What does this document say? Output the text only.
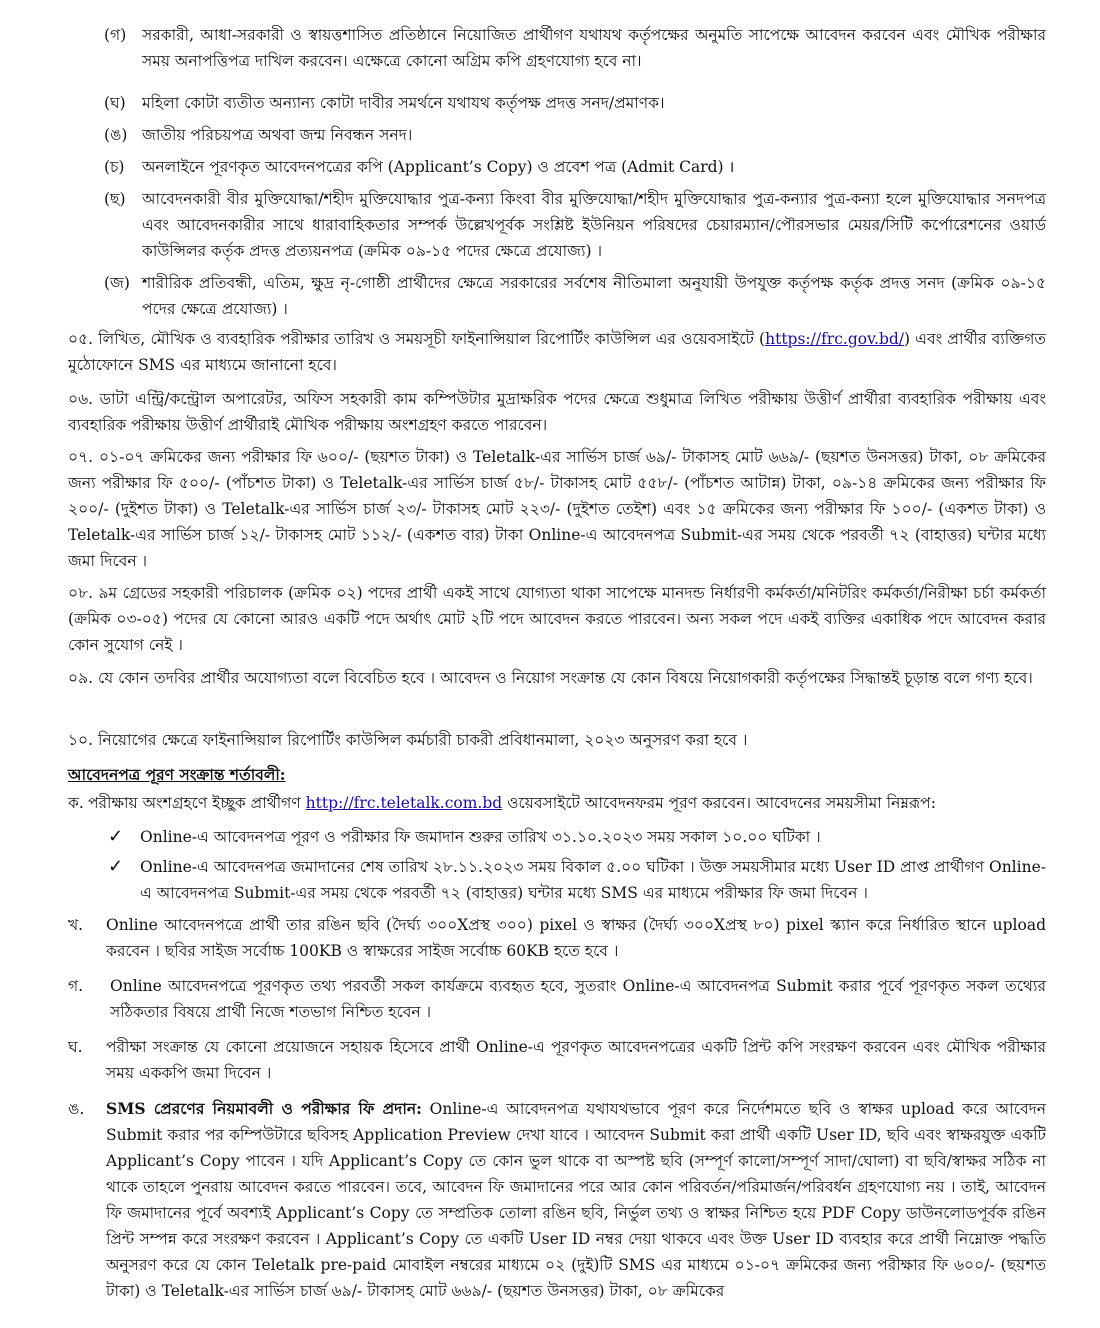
(গ) সরকারী, আধা-সরকারী ও স্বায়ত্তশাসিত প্রতিষ্ঠানে নিয়োজিত প্রার্থীগণ যথাযথ কর্তৃপক্ষের অনুমতি সাপেক্ষে আবেদন করবেন এবং মৌখিক পরীক্ষার সময় অনাপত্তিপত্র দাখিল করবেন। এক্ষেত্রে কোনো অগ্রিম কপি গ্রহণযোগ্য হবে না।
(ঘ) মহিলা কোটা ব্যতীত অন্যান্য কোটা দাবীর সমর্থনে যথাযথ কর্তৃপক্ষ প্রদত্ত সনদ/প্রমাণক।
(ঙ) জাতীয় পরিচয়পত্র অথবা জন্ম নিবন্ধন সনদ।
(চ) অনলাইনে পূরণকৃত আবেদনপত্রের কপি (Applicant’s Copy) ও প্রবেশ পত্র (Admit Card) ।
(ছ) আবেদনকারী বীর মুক্তিযোদ্ধা/শহীদ মুক্তিযোদ্ধার পুত্র-কন্যা কিংবা বীর মুক্তিযোদ্ধা/শহীদ মুক্তিযোদ্ধার পুত্র-কন্যার পুত্র-কন্যা হলে মুক্তিযোদ্ধার সনদপত্র এবং আবেদনকারীর সাথে ধারাবাহিকতার সম্পর্ক উল্লেখপূর্বক সংশ্লিষ্ট ইউনিয়ন পরিষদের চেয়ারম্যান/পৌরসভার মেয়র/সিটি কর্পোরেশনের ওয়ার্ড কাউন্সিলর কর্তৃক প্রদত্ত প্রত্যয়নপত্র (ক্রমিক ০৯-১৫ পদের ক্ষেত্রে প্রযোজ্য) ।
(জ) শারীরিক প্রতিবন্ধী, এতিম, ক্ষুদ্র নৃ-গোষ্ঠী প্রার্থীদের ক্ষেত্রে সরকারের সর্বশেষ নীতিমালা অনুযায়ী উপযুক্ত কর্তৃপক্ষ কর্তৃক প্রদত্ত সনদ (ক্রমিক ০৯-১৫ পদের ক্ষেত্রে প্রযোজ্য) ।
০৫. লিখিত, মৌখিক ও ব্যবহারিক পরীক্ষার তারিখ ও সময়সূচী ফাইনান্সিয়াল রিপোর্টিং কাউন্সিল এর ওয়েবসাইটে (https://frc.gov.bd/) এবং প্রার্থীর ব্যক্তিগত মুঠোফোনে SMS এর মাধ্যমে জানানো হবে।
০৬. ডাটা এন্ট্রি/কন্ট্রোল অপারেটর, অফিস সহকারী কাম কম্পিউটার মুদ্রাক্ষরিক পদের ক্ষেত্রে শুধুমাত্র লিখিত পরীক্ষায় উত্তীর্ণ প্রার্থীরা ব্যবহারিক পরীক্ষায় এবং ব্যবহারিক পরীক্ষায় উত্তীর্ণ প্রার্থীরাই মৌখিক পরীক্ষায় অংশগ্রহণ করতে পারবেন।
০৭. ০১-০৭ ক্রমিকের জন্য পরীক্ষার ফি ৬০০/- (ছয়শত টাকা) ও Teletalk-এর সার্ভিস চার্জ ৬৯/- টাকাসহ মোট ৬৬৯/- (ছয়শত উনসত্তর) টাকা, ০৮ ক্রমিকের জন্য পরীক্ষার ফি ৫০০/- (পাঁচশত টাকা) ও Teletalk-এর সার্ভিস চার্জ ৫৮/- টাকাসহ মোট ৫৫৮/- (পাঁচশত আটান্ন) টাকা, ০৯-১৪ ক্রমিকের জন্য পরীক্ষার ফি ২০০/- (দুইশত টাকা) ও Teletalk-এর সার্ভিস চার্জ ২৩/- টাকাসহ মোট ২২৩/- (দুইশত তেইশ) এবং ১৫ ক্রমিকের জন্য পরীক্ষার ফি ১০০/- (একশত টাকা) ও Teletalk-এর সার্ভিস চার্জ ১২/- টাকাসহ মোট ১১২/- (একশত বার) টাকা Online-এ আবেদনপত্র Submit-এর সময় থেকে পরবর্তী ৭২ (বাহাত্তর) ঘন্টার মধ্যে জমা দিবেন ।
০৮. ৯ম গ্রেডের সহকারী পরিচালক (ক্রমিক ০২) পদের প্রার্থী একই সাথে যোগ্যতা থাকা সাপেক্ষে মানদন্ড নির্ধারণী কর্মকর্তা/মনিটরিং কর্মকর্তা/নিরীক্ষা চর্চা কর্মকর্তা (ক্রমিক ০৩-০৫) পদের যে কোনো আরও একটি পদে অর্থাৎ মোট ২টি পদে আবেদন করতে পারবেন। অন্য সকল পদে একই ব্যক্তির একাধিক পদে আবেদন করার কোন সুযোগ নেই ।
০৯. যে কোন তদবির প্রার্থীর অযোগ্যতা বলে বিবেচিত হবে । আবেদন ও নিয়োগ সংক্রান্ত যে কোন বিষয়ে নিয়োগকারী কর্তৃপক্ষের সিদ্ধান্তই চূড়ান্ত বলে গণ্য হবে।
১০. নিয়োগের ক্ষেত্রে ফাইনান্সিয়াল রিপোর্টিং কাউন্সিল কর্মচারী চাকরী প্রবিধানমালা, ২০২৩ অনুসরণ করা হবে ।
আবেদনপত্র পূরণ সংক্রান্ত শর্তাবলী:
ক. পরীক্ষায় অংশগ্রহণে ইচ্ছুক প্রার্থীগণ http://frc.teletalk.com.bd ওয়েবসাইটে আবেদনফরম পূরণ করবেন। আবেদনের সময়সীমা নিম্নরূপ:
✓ Online-এ আবেদনপত্র পূরণ ও পরীক্ষার ফি জমাদান শুরুর তারিখ ৩১.১০.২০২৩ সময় সকাল ১০.০০ ঘটিকা ।
✓ Online-এ আবেদনপত্র জমাদানের শেষ তারিখ ২৮.১১.২০২৩ সময় বিকাল ৫.০০ ঘটিকা । উক্ত সময়সীমার মধ্যে User ID প্রাপ্ত প্রার্থীগণ Online-এ আবেদনপত্র Submit-এর সময় থেকে পরবর্তী ৭২ (বাহাত্তর) ঘন্টার মধ্যে SMS এর মাধ্যমে পরীক্ষার ফি জমা দিবেন ।
খ. Online আবেদনপত্রে প্রার্থী তার রঙিন ছবি (দৈর্ঘ্য ৩০০Xপ্রস্থ ৩০০) pixel ও স্বাক্ষর (দৈর্ঘ্য ৩০০Xপ্রস্থ ৮০) pixel স্ক্যান করে নির্ধারিত স্থানে upload করবেন । ছবির সাইজ সর্বোচ্চ 100KB ও স্বাক্ষরের সাইজ সর্বোচ্চ 60KB হতে হবে ।
গ. Online আবেদনপত্রে পূরণকৃত তথ্য পরবর্তী সকল কার্যক্রমে ব্যবহৃত হবে, সুতরাং Online-এ আবেদনপত্র Submit করার পূর্বে পূরণকৃত সকল তথ্যের সঠিকতার বিষয়ে প্রার্থী নিজে শতভাগ নিশ্চিত হবেন ।
ঘ. পরীক্ষা সংক্রান্ত যে কোনো প্রয়োজনে সহায়ক হিসেবে প্রার্থী Online-এ পূরণকৃত আবেদনপত্রের একটি প্রিন্ট কপি সংরক্ষণ করবেন এবং মৌখিক পরীক্ষার সময় এককপি জমা দিবেন ।
ঙ. SMS প্রেরণের নিয়মাবলী ও পরীক্ষার ফি প্রদান: Online-এ আবেদনপত্র যথাযথভাবে পূরণ করে নির্দেশমতে ছবি ও স্বাক্ষর upload করে আবেদন Submit করার পর কম্পিউটারে ছবিসহ Application Preview দেখা যাবে । আবেদন Submit করা প্রার্থী একটি User ID, ছবি এবং স্বাক্ষরযুক্ত একটি Applicant’s Copy পাবেন । যদি Applicant’s Copy তে কোন ভুল থাকে বা অস্পষ্ট ছবি (সম্পূর্ণ কালো/সম্পূর্ণ সাদা/ঘোলা) বা ছবি/স্বাক্ষর সঠিক না থাকে তাহলে পুনরায় আবেদন করতে পারবেন। তবে, আবেদন ফি জমাদানের পরে আর কোন পরিবর্তন/পরিমার্জন/পরিবর্ধন গ্রহণযোগ্য নয় । তাই, আবেদন ফি জমাদানের পূর্বে অবশ্যই Applicant’s Copy তে সম্প্রতিক তোলা রঙিন ছবি, নির্ভুল তথ্য ও স্বাক্ষর নিশ্চিত হয়ে PDF Copy ডাউনলোডপূর্বক রঙিন প্রিন্ট সম্পন্ন করে সংরক্ষণ করবেন । Applicant’s Copy তে একটি User ID নম্বর দেয়া থাকবে এবং উক্ত User ID ব্যবহার করে প্রার্থী নিম্নোক্ত পদ্ধতি অনুসরণ করে যে কোন Teletalk pre-paid মোবাইল নম্বরের মাধ্যমে ০২ (দুই)টি SMS এর মাধ্যমে ০১-০৭ ক্রমিকের জন্য পরীক্ষার ফি ৬০০/- (ছয়শত টাকা) ও Teletalk-এর সার্ভিস চার্জ ৬৯/- টাকাসহ মোট ৬৬৯/- (ছয়শত উনসত্তর) টাকা, ০৮ ক্রমিকের
